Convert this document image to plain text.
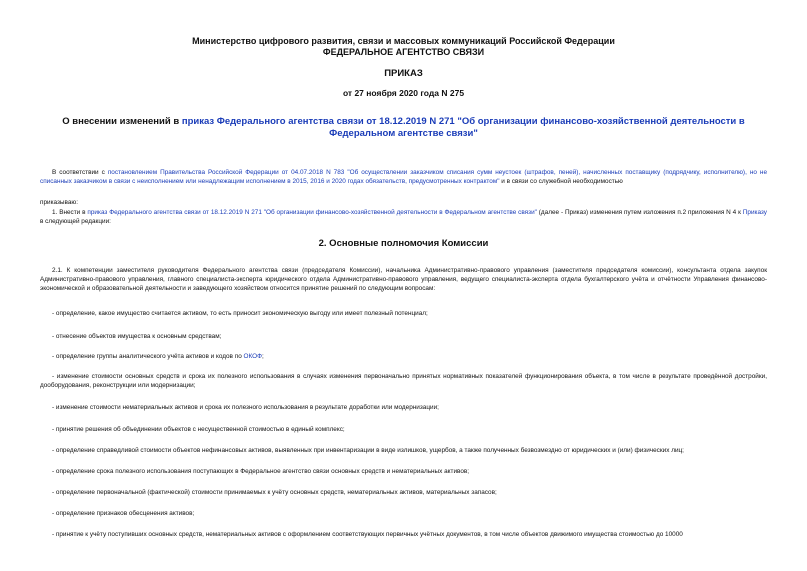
Министерство цифрового развития, связи и массовых коммуникаций Российской Федерации
ФЕДЕРАЛЬНОЕ АГЕНТСТВО СВЯЗИ
ПРИКАЗ
от 27 ноября 2020 года N 275
О внесении изменений в приказ Федерального агентства связи от 18.12.2019 N 271 "Об организации финансово-хозяйственной деятельности в Федеральном агентстве связи"
В соответствии с постановлением Правительства Российской Федерации от 04.07.2018 N 783 "Об осуществлении заказчиком списания сумм неустоек (штрафов, пеней), начисленных поставщику (подрядчику, исполнителю), но не списанных заказчиком в связи с неисполнением или ненадлежащим исполнением в 2015, 2016 и 2020 годах обязательств, предусмотренных контрактом" и в связи со служебной необходимостью
приказываю:
1. Внести в приказ Федерального агентства связи от 18.12.2019 N 271 "Об организации финансово-хозяйственной деятельности в Федеральном агентстве связи" (далее - Приказ) изменения путем изложения п.2 приложения N 4 к Приказу в следующей редакции:
2. Основные полномочия Комиссии
2.1. К компетенции заместителя руководителя Федерального агентства связи (председателя Комиссии), начальника Административно-правового управления (заместителя председателя комиссии), консультанта отдела закупок Административно-правового управления, главного специалиста-эксперта юридического отдела Административно-правового управления, ведущего специалиста-эксперта отдела бухгалтерского учёта и отчётности Управления финансово-экономической и образовательной деятельности и заведующего хозяйством относится принятие решений по следующим вопросам:
- определение, какое имущество считается активом, то есть приносит экономическую выгоду или имеет полезный потенциал;
- отнесение объектов имущества к основным средствам;
- определение группы аналитического учёта активов и кодов по ОКОФ;
- изменение стоимости основных средств и срока их полезного использования в случаях изменения первоначально принятых нормативных показателей функционирования объекта, в том числе в результате проведённой достройки, дооборудования, реконструкции или модернизации;
- изменение стоимости нематериальных активов и срока их полезного использования в результате доработки или модернизации;
- принятие решения об объединении объектов с несущественной стоимостью в единый комплекс;
- определение справедливой стоимости объектов нефинансовых активов, выявленных при инвентаризации в виде излишков, ущербов, а также полученных безвозмездно от юридических и (или) физических лиц;
- определение срока полезного использования поступающих в Федеральное агентство связи основных средств и нематериальных активов;
- определение первоначальной (фактической) стоимости принимаемых к учёту основных средств, нематериальных активов, материальных запасов;
- определение признаков обесценения активов;
- принятие к учёту поступивших основных средств, нематериальных активов с оформлением соответствующих первичных учётных документов, в том числе объектов движимого имущества стоимостью до 10000
